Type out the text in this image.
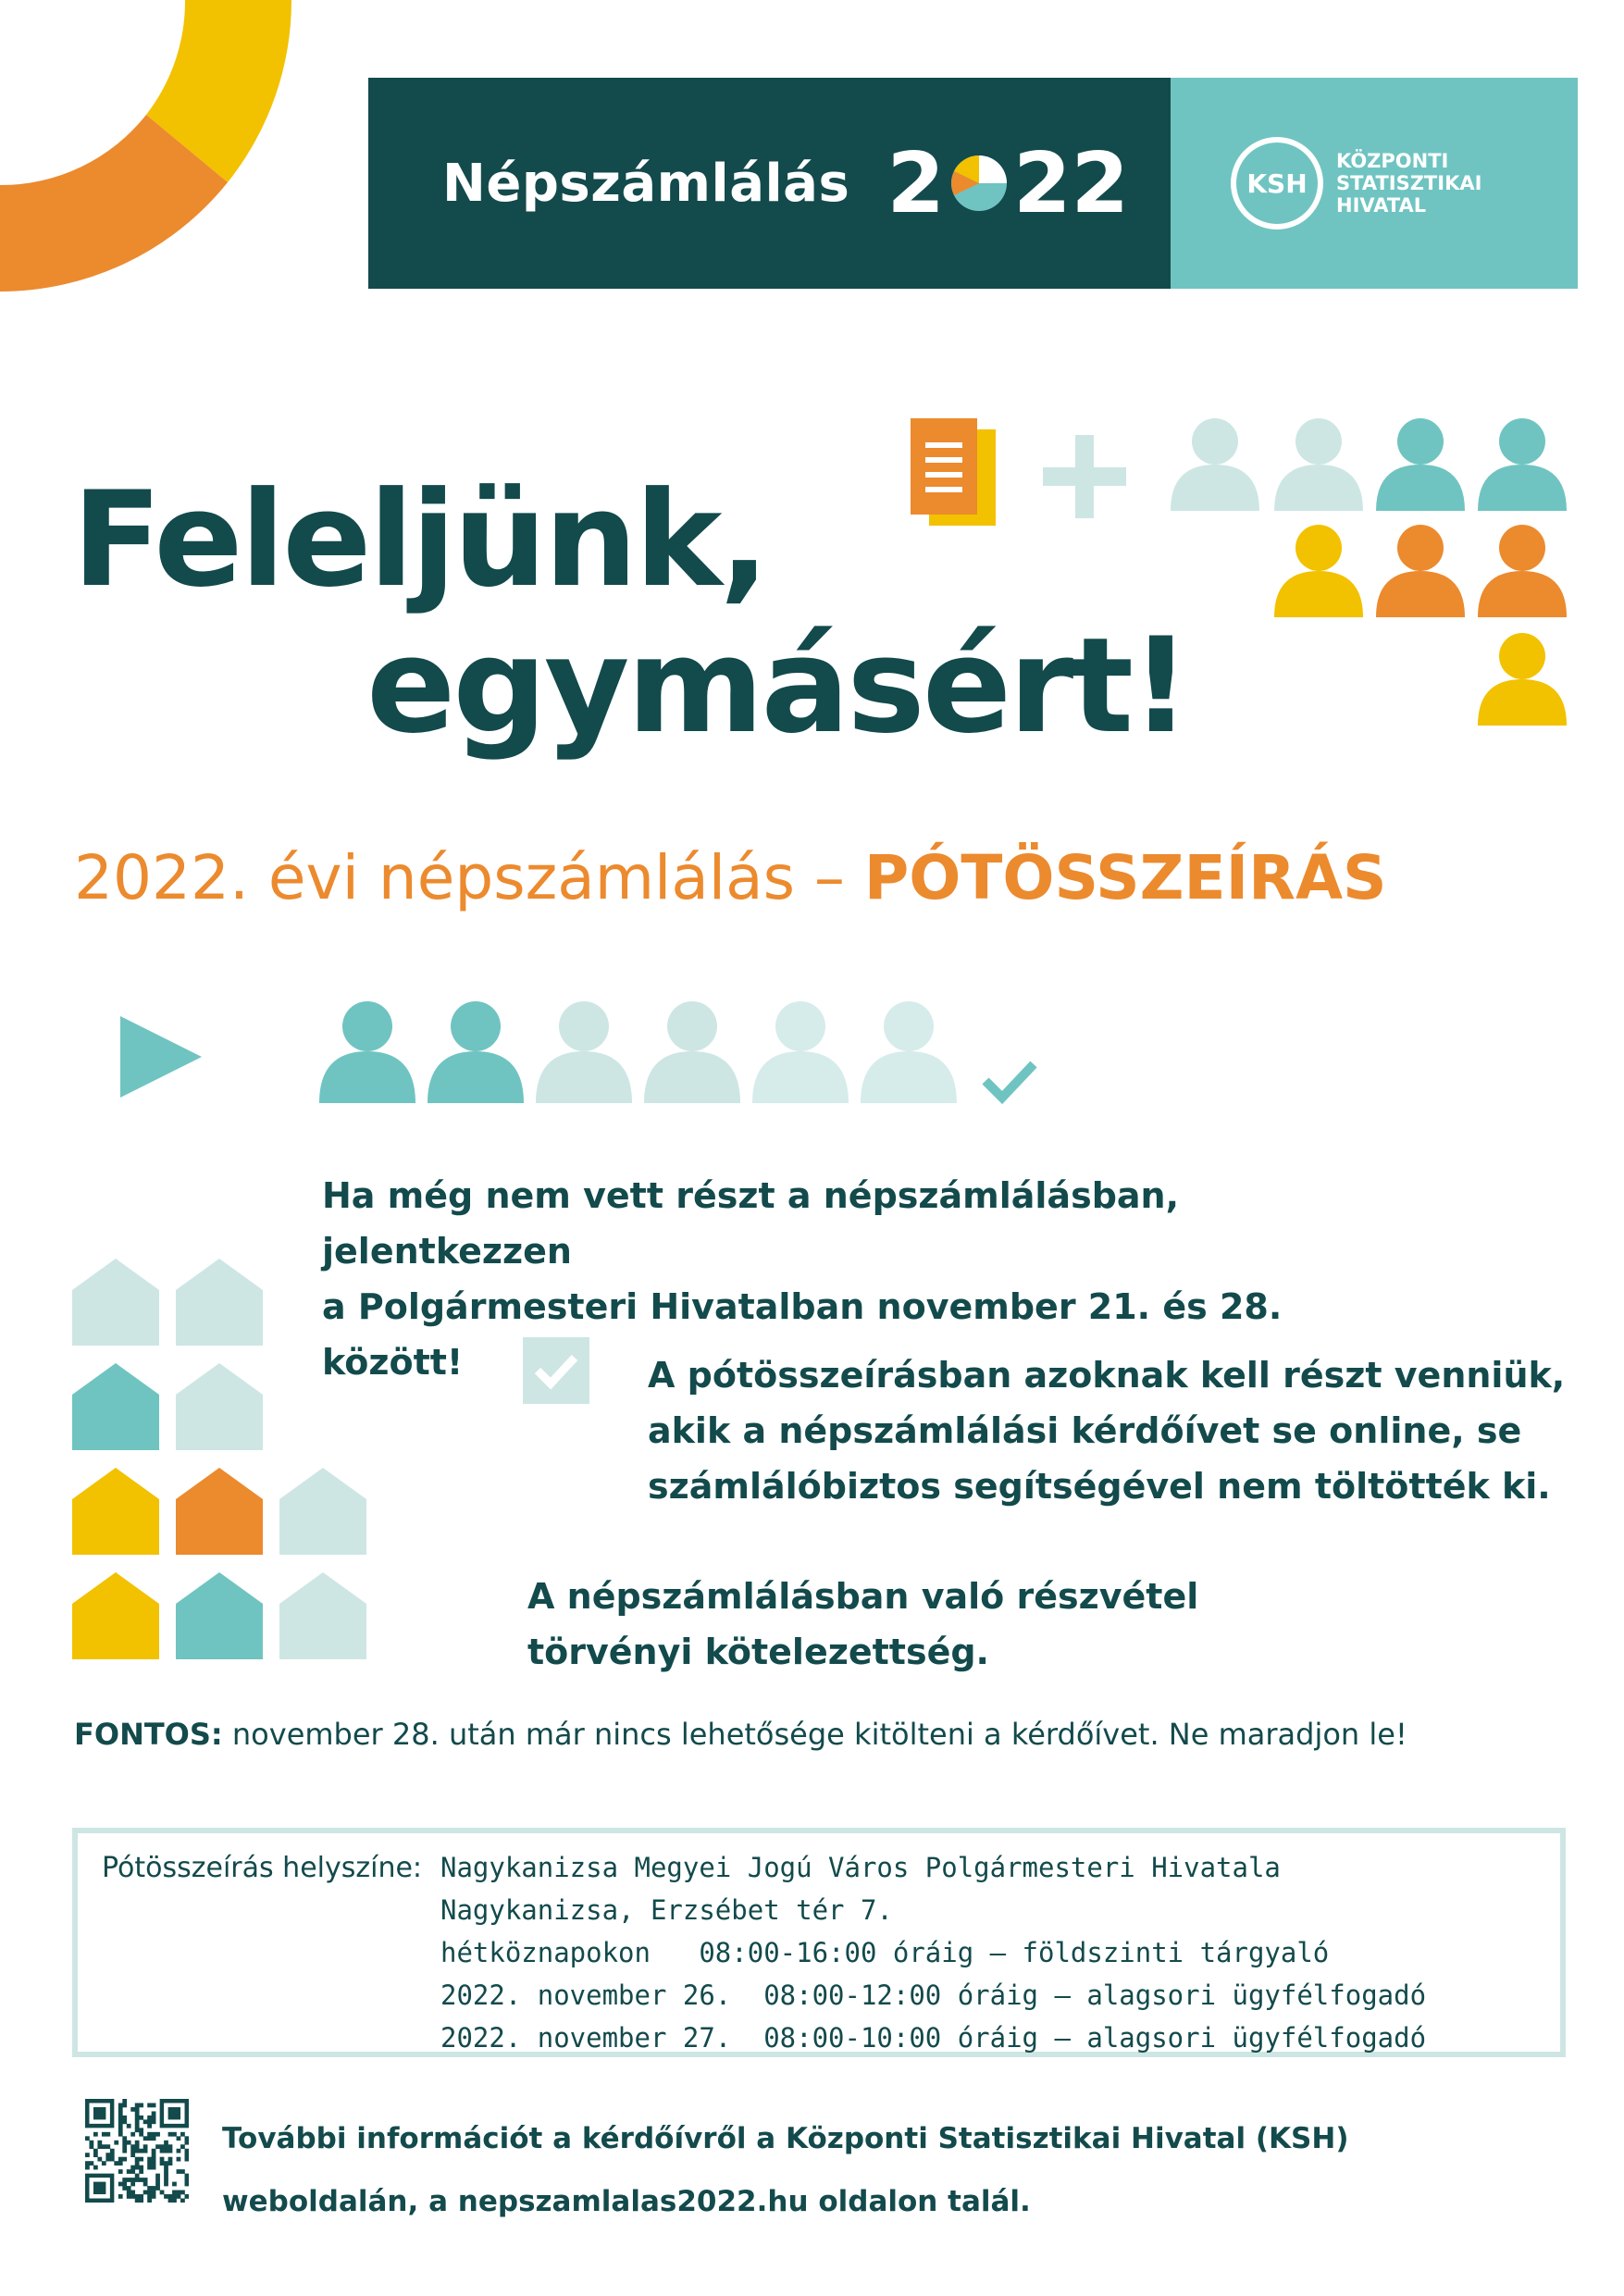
Népszámlálás 2 22	KSH
KÖZPONTI
STATISZTIKAI
HIVATAL
Feleljünk,
egymásért!
2022. évi népszámlálás – PÓTÖSSZEÍRÁS
Ha még nem vett részt a népszámlálásban, jelentkezzen
a Polgármesteri Hivatalban november 21. és 28. között!	A pótösszeírásban azoknak kell részt venniük,
akik a népszámlálási kérdőívet se online, se
számlálóbiztos segítségével nem töltötték ki.
A népszámlálásban való részvétel
törvényi kötelezettség.
FONTOS: november 28. után már nincs lehetősége kitölteni a kérdőívet. Ne maradjon le!
Pótösszeírás helyszíne: Nagykanizsa Megyei Jogú Város Polgármesteri Hivatala
Nagykanizsa, Erzsébet tér 7.
hétköznapokon   08:00-16:00 óráig – földszinti tárgyaló
2022. november 26.  08:00-12:00 óráig – alagsori ügyfélfogadó
2022. november 27.  08:00-10:00 óráig – alagsori ügyfélfogadó
További információt a kérdőívről a Központi Statisztikai Hivatal (KSH)
weboldalán, a nepszamlalas2022.hu oldalon talál.
